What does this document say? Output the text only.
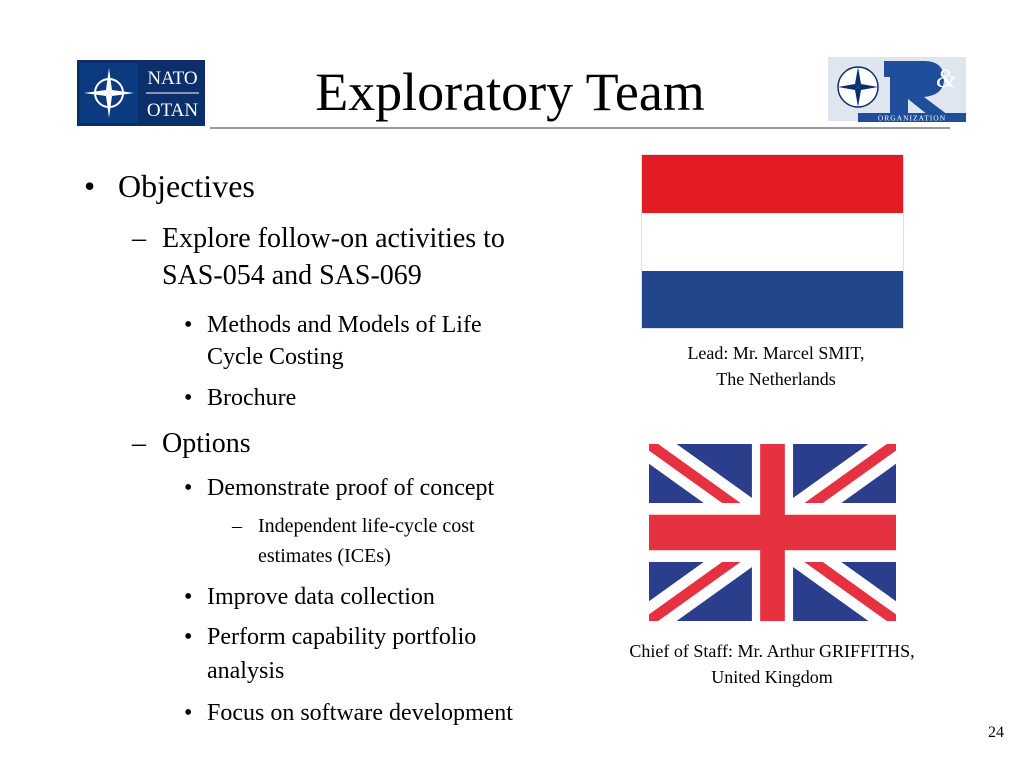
NATO
OTAN	Exploratory Team	&
ORGANIZATION
• Objectives
– Explore follow-on activities to
SAS-054 and SAS-069
• Methods and Models of Life
Cycle Costing
• Brochure
– Options
• Demonstrate proof of concept
– Independent life-cycle cost
estimates (ICEs)
• Improve data collection
• Perform capability portfolio
analysis
• Focus on software development
Lead: Mr. Marcel SMIT,
The Netherlands
Chief of Staff: Mr. Arthur GRIFFITHS,
United Kingdom
24
